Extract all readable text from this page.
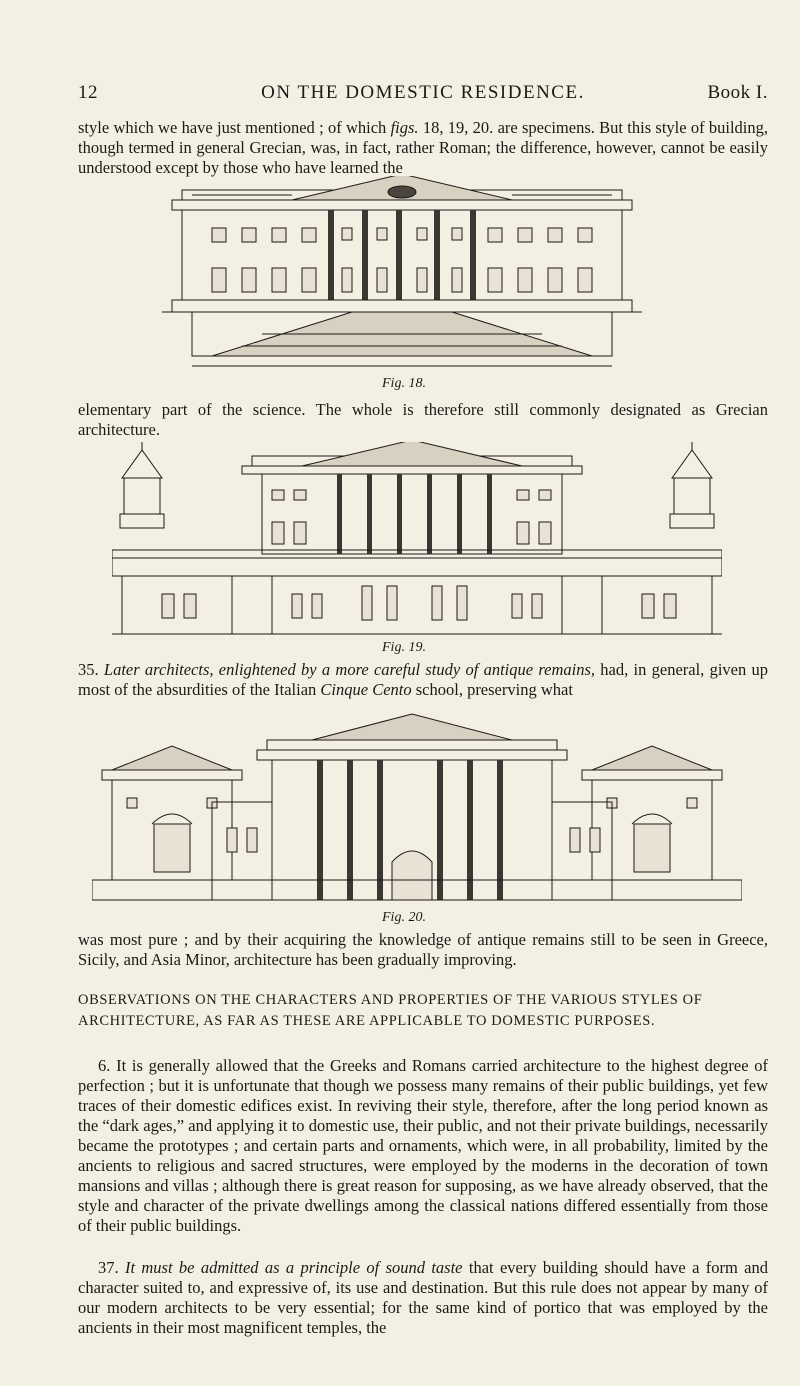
12	ON THE DOMESTIC RESIDENCE.	Book I.
style which we have just mentioned ; of which figs. 18, 19, 20. are specimens. But this style of building, though termed in general Grecian, was, in fact, rather Roman; the difference, however, cannot be easily understood except by those who have learned the
Fig. 18.
elementary part of the science. The whole is therefore still commonly designated as Grecian architecture.
Fig. 19.
35. Later architects, enlightened by a more careful study of antique remains, had, in general, given up most of the absurdities of the Italian Cinque Cento school, preserving what
Fig. 20.
was most pure ; and by their acquiring the knowledge of antique remains still to be seen in Greece, Sicily, and Asia Minor, architecture has been gradually improving.
OBSERVATIONS ON THE CHARACTERS AND PROPERTIES OF THE VARIOUS STYLES OF ARCHITECTURE, AS FAR AS THESE ARE APPLICABLE TO DOMESTIC PURPOSES.
6. It is generally allowed that the Greeks and Romans carried architecture to the highest degree of perfection ; but it is unfortunate that though we possess many remains of their public buildings, yet few traces of their domestic edifices exist. In reviving their style, therefore, after the long period known as the “dark ages,” and applying it to domestic use, their public, and not their private buildings, necessarily became the prototypes ; and certain parts and ornaments, which were, in all probability, limited by the ancients to religious and sacred structures, were employed by the moderns in the decoration of town mansions and villas ; although there is great reason for supposing, as we have already observed, that the style and character of the private dwellings among the classical nations differed essentially from those of their public buildings.
37. It must be admitted as a principle of sound taste that every building should have a form and character suited to, and expressive of, its use and destination. But this rule does not appear by many of our modern architects to be very essential; for the same kind of portico that was employed by the ancients in their most magnificent temples, the
